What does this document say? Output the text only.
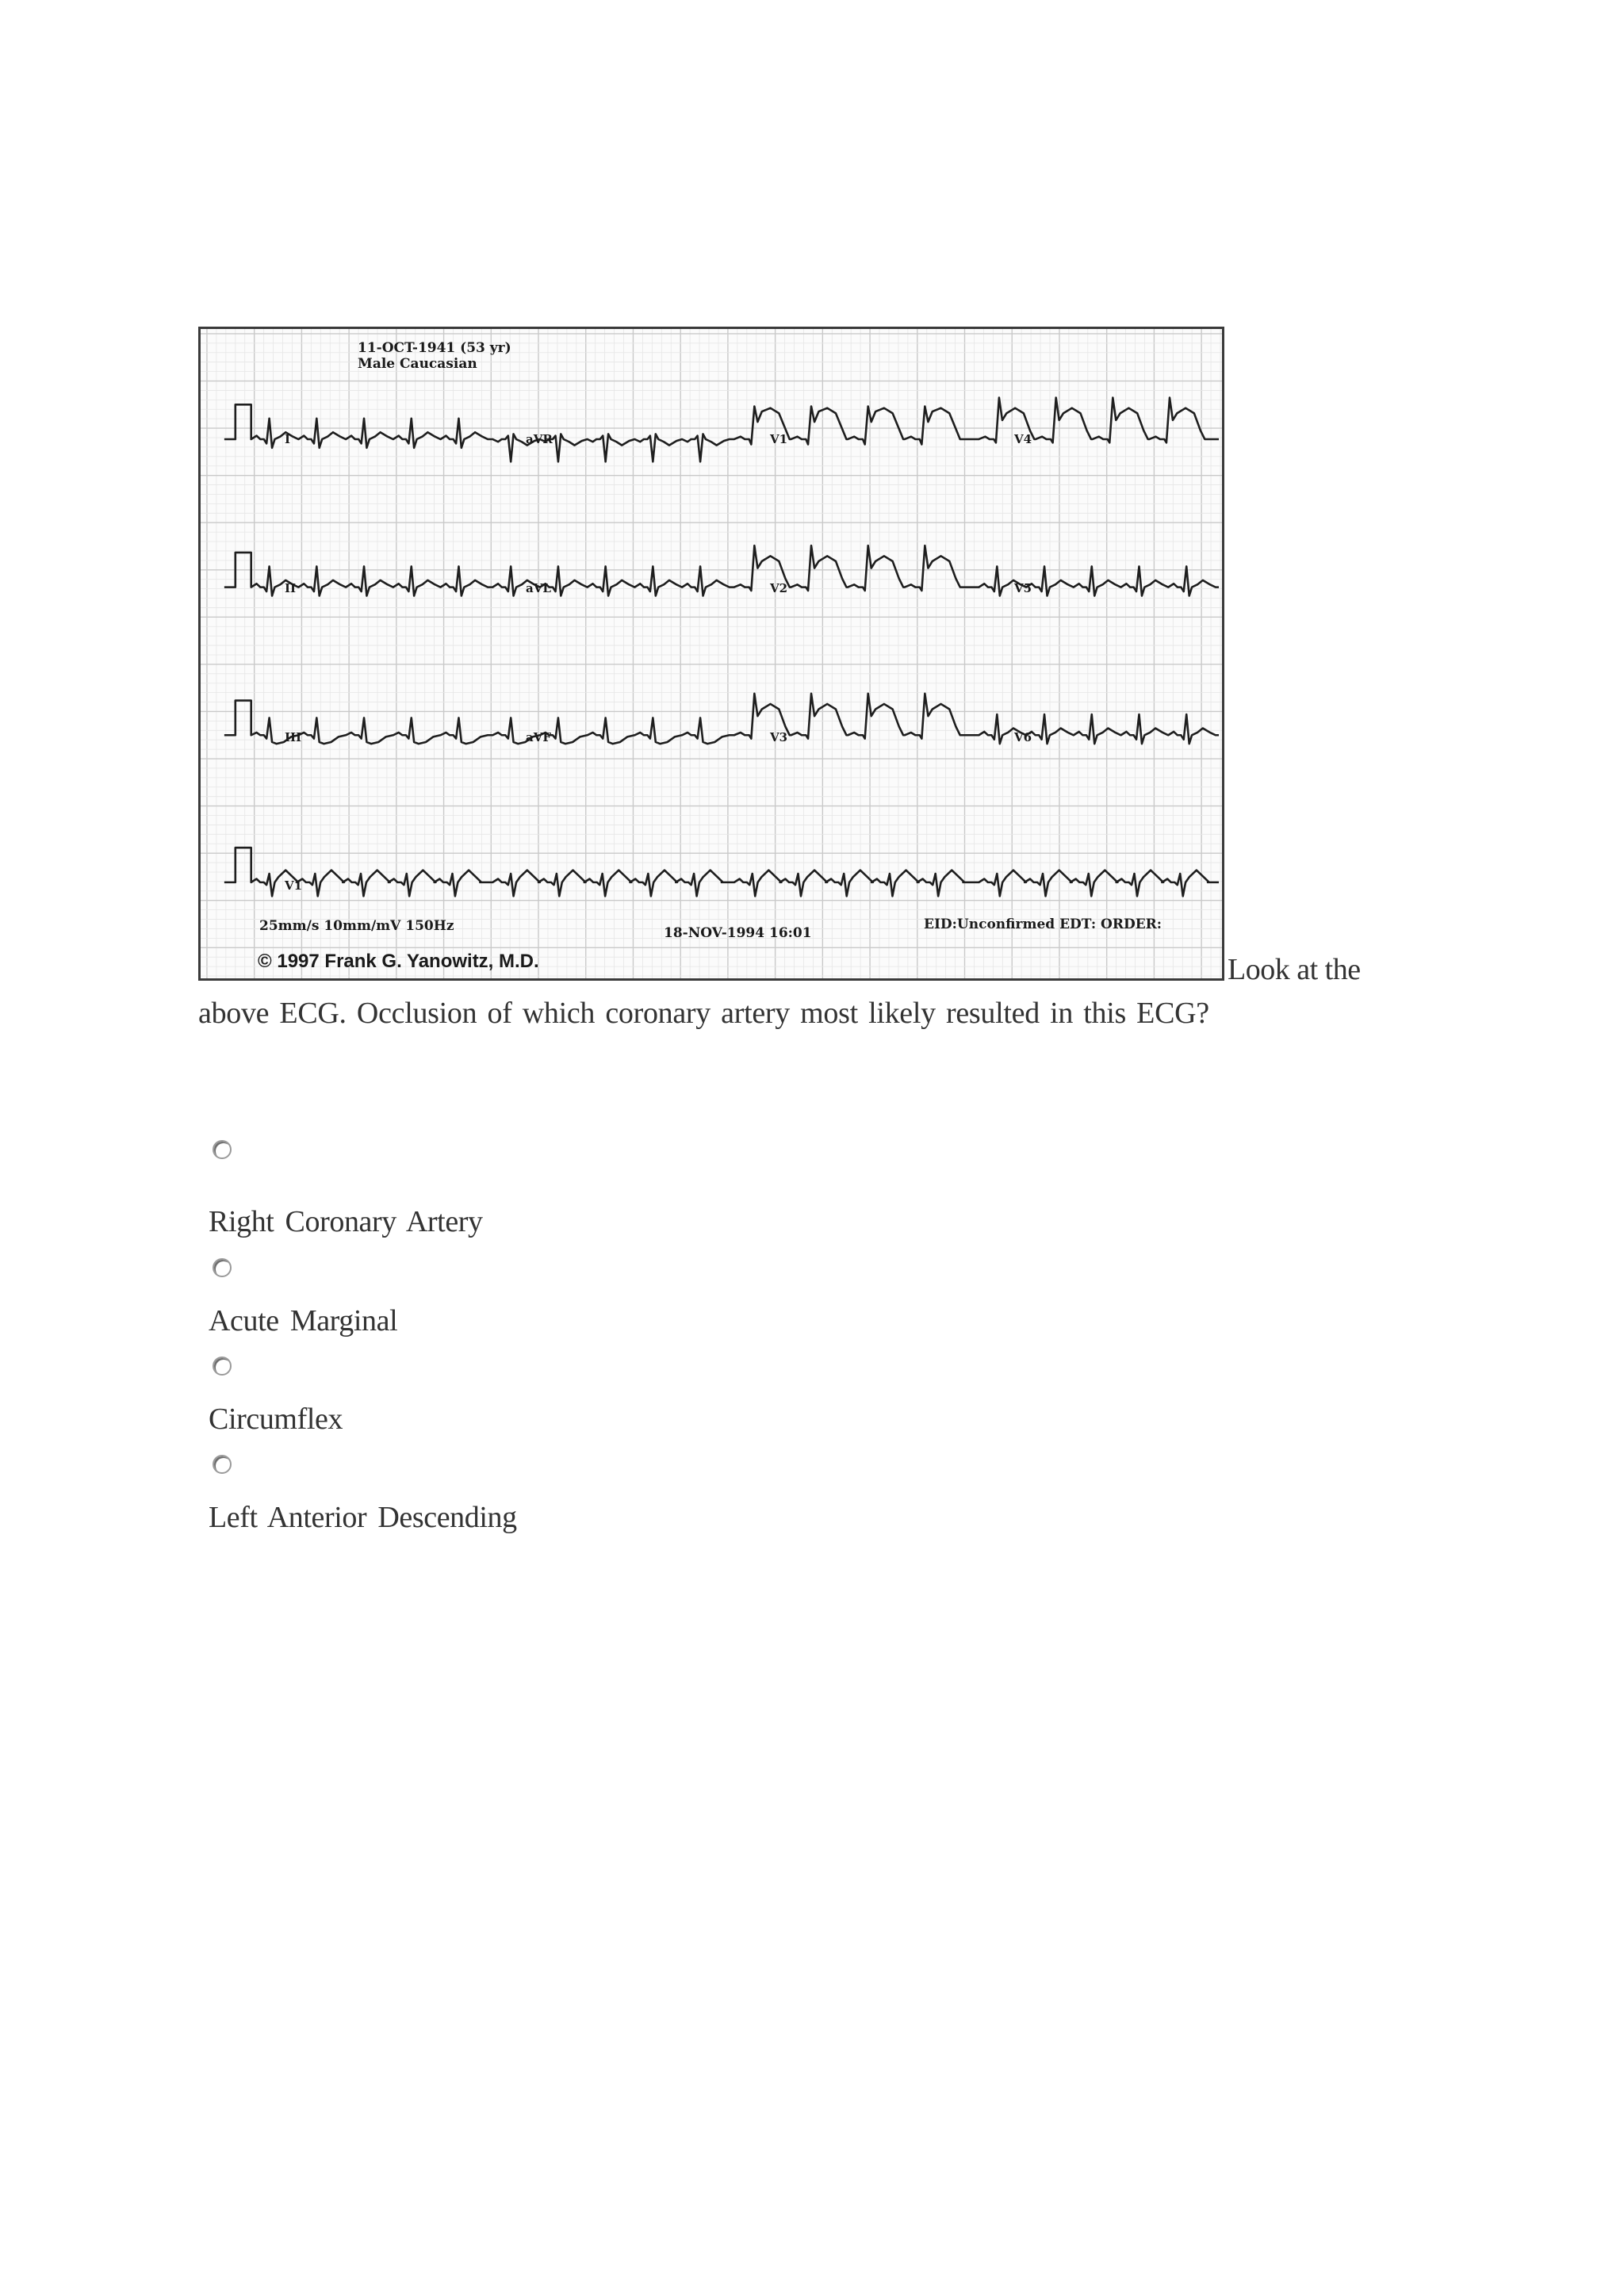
11-OCT-1941 (53 yr)
Male Caucasian
I	aVR	V1	V4
II	aVL	V2	V5
III	aVF	V3	V6
V1
25mm/s 10mm/mV 150Hz	18-NOV-1994 16:01
EID:Unconfirmed EDT: ORDER:
© 1997 Frank G. Yanowitz, M.D.	Look at the
above ECG. Occlusion of which coronary artery most likely resulted in this ECG?
Right Coronary Artery
Acute Marginal
Circumflex
Left Anterior Descending
